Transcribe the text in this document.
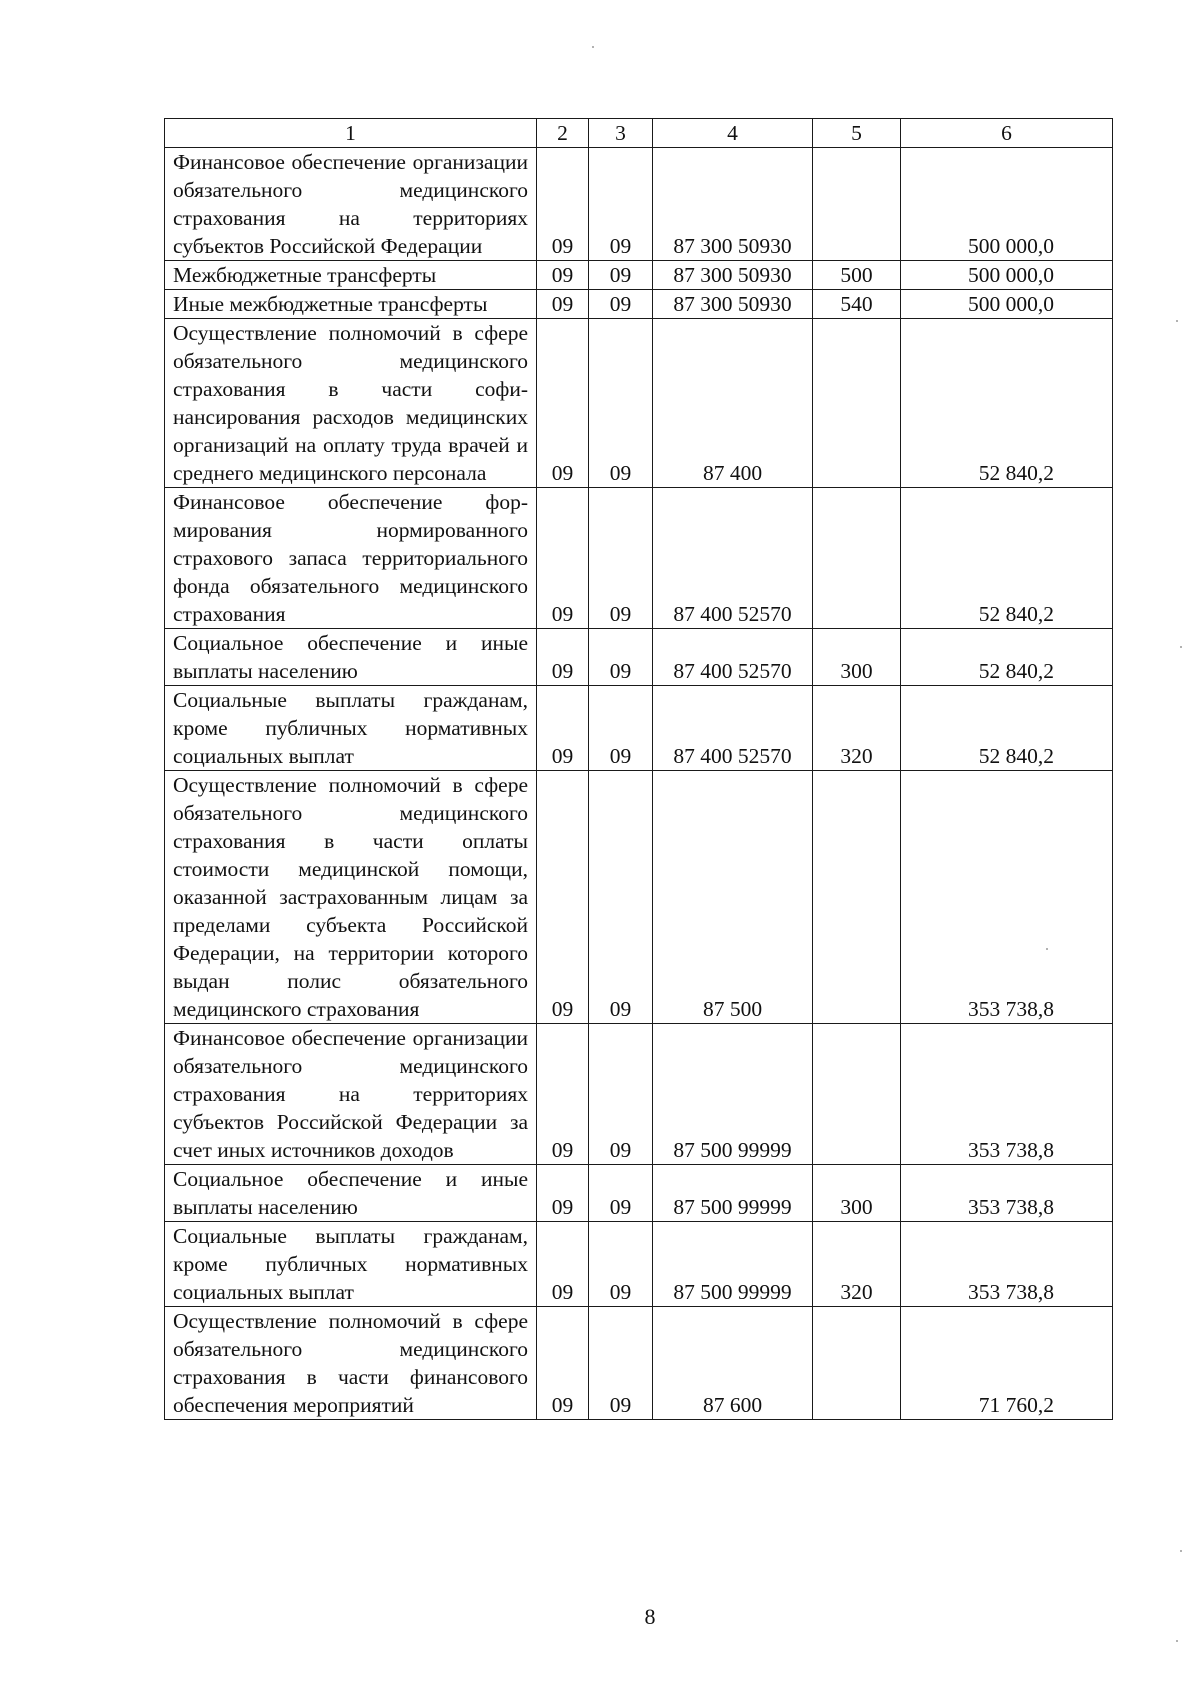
1	2	3	4	5	6
Финансовое обеспечение организации обязательного медицинского страхования на территориях субъектов Российской Федерации	09	09	87 300 50930		500 000,0
Межбюджетные трансферты	09	09	87 300 50930	500	500 000,0
Иные межбюджетные трансферты	09	09	87 300 50930	540	500 000,0
Осуществление полномочий в сфере обязательного медицинского страхования в части софинансирования расходов медицинских организаций на оплату труда врачей и среднего медицинского персонала	09	09	87 400		52 840,2
Финансовое обеспечение формирования нормированного страхового запаса территориального фонда обязательного медицинского страхования	09	09	87 400 52570		52 840,2
Социальное обеспечение и иные выплаты населению	09	09	87 400 52570	300	52 840,2
Социальные выплаты гражданам, кроме публичных нормативных социальных выплат	09	09	87 400 52570	320	52 840,2
Осуществление полномочий в сфере обязательного медицинского страхования в части оплаты стоимости медицинской помощи, оказанной застрахованным лицам за пределами субъекта Российской Федерации, на территории которого выдан полис обязательного медицинского страхования	09	09	87 500		353 738,8
Финансовое обеспечение организации обязательного медицинского страхования на территориях субъектов Российской Федерации за счет иных источников доходов	09	09	87 500 99999		353 738,8
Социальное обеспечение и иные выплаты населению	09	09	87 500 99999	300	353 738,8
Социальные выплаты гражданам, кроме публичных нормативных социальных выплат	09	09	87 500 99999	320	353 738,8
Осуществление полномочий в сфере обязательного медицинского страхования в части финансового обеспечения мероприятий	09	09	87 600		71 760,2
8
